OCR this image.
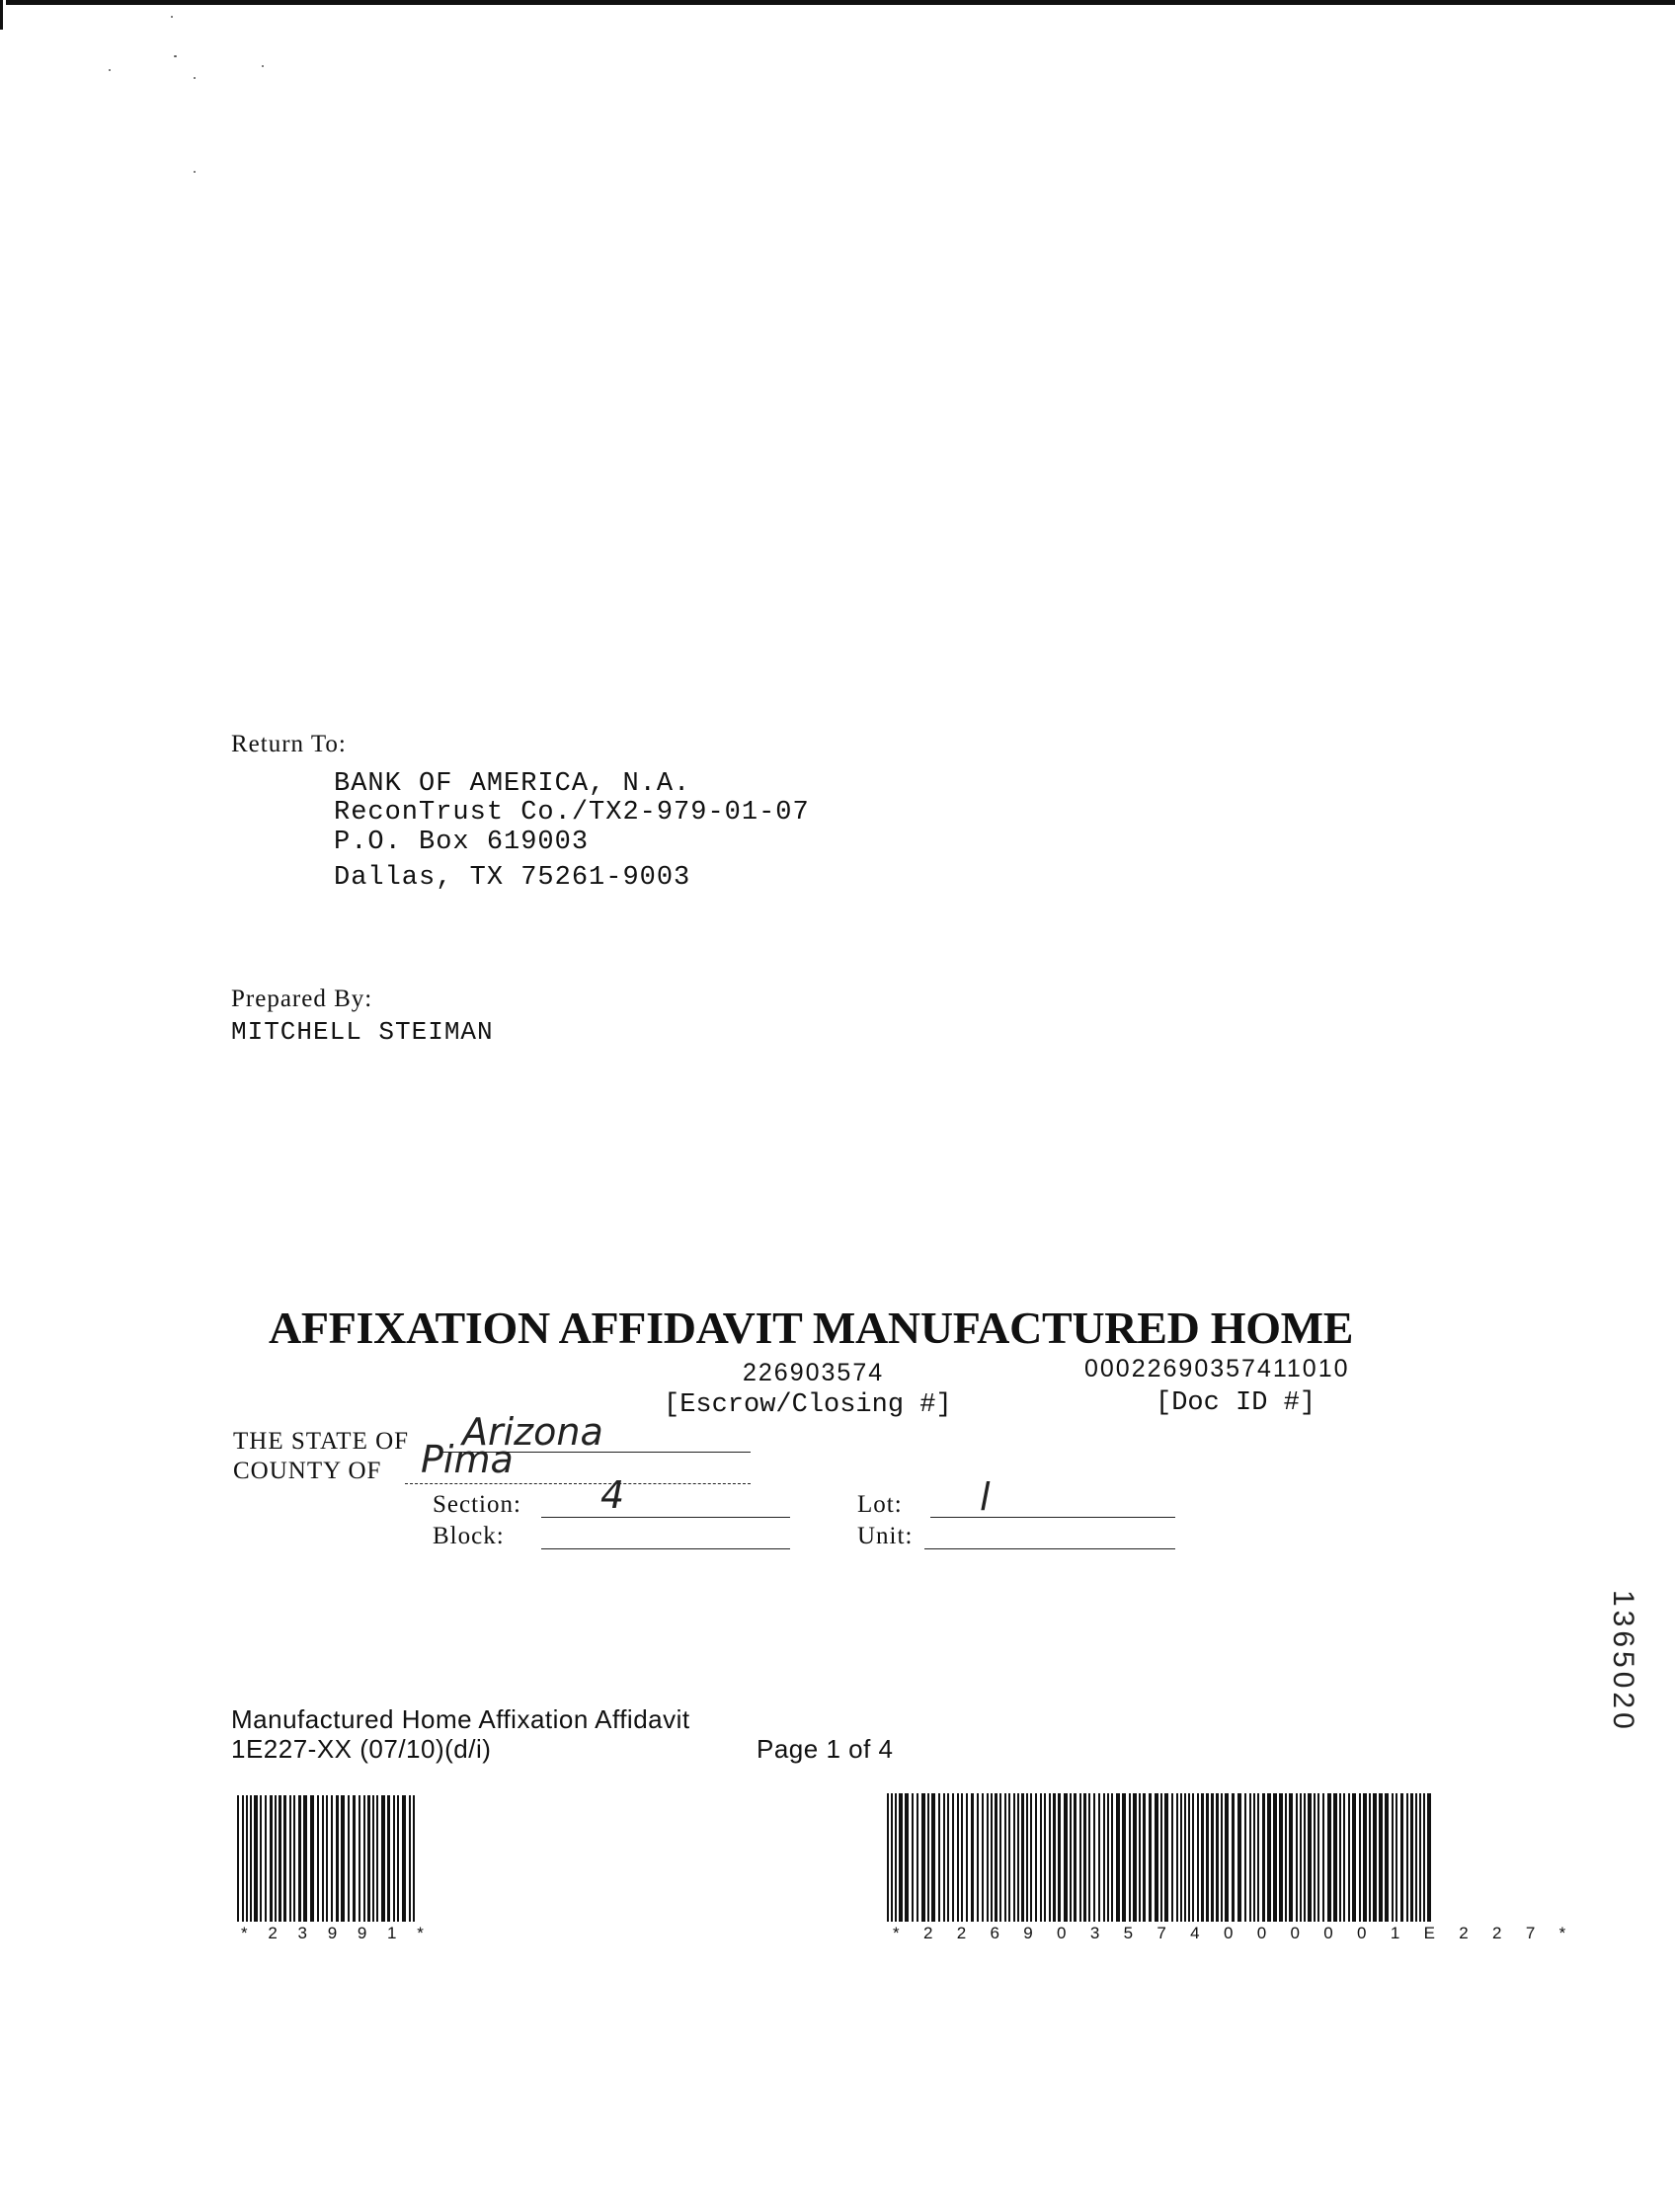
Return To:
BANK OF AMERICA, N.A.
ReconTrust Co./TX2-979-01-07
P.O. Box 619003
Dallas, TX 75261-9003
Prepared By:
MITCHELL STEIMAN
AFFIXATION AFFIDAVIT MANUFACTURED HOME
226903574
[Escrow/Closing #]
00022690357411010
[Doc ID #]
THE STATE OF Arizona
COUNTY OF Pima
Section: 4	Lot: l
Block:	Unit:
Manufactured Home Affixation Affidavit
1E227-XX (07/10)(d/i)	Page 1 of 4
* 2 3 9 9 1 *	* 2 2 6 9 0 3 5 7 4 0 0 0 0 0 1 E 2 2 7 *
1365020
